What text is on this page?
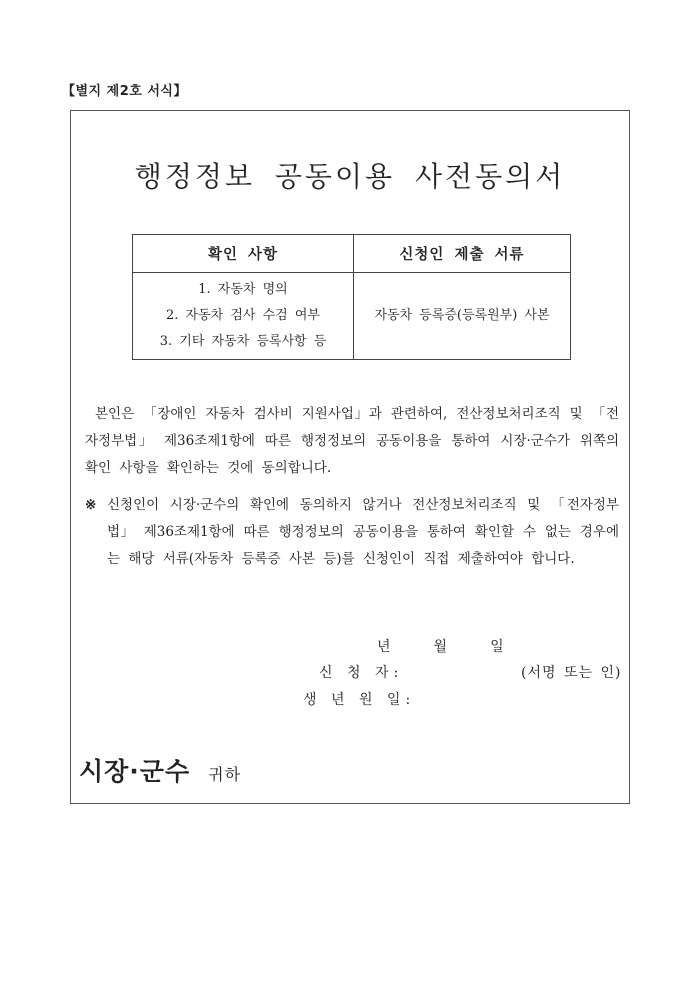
【별지 제2호 서식】
행정정보 공동이용 사전동의서
확인 사항	신청인 제출 서류

1. 자동차 명의
2. 자동차 검사 수검 여부
3. 기타 자동차 등록사항 등	자동차 등록증(등록원부) 사본
본인은 「장애인 자동차 검사비 지원사업」과 관련하여, 전산정보처리조직 및 「전자정부법」 제36조제1항에 따른 행정정보의 공동이용을 통하여 시장·군수가 위쪽의 확인 사항을 확인하는 것에 동의합니다.
※ 신청인이 시장·군수의 확인에 동의하지 않거나 전산정보처리조직 및 「전자정부법」 제36조제1항에 따른 행정정보의 공동이용을 통하여 확인할 수 없는 경우에는 해당 서류(자동차 등록증 사본 등)를 신청인이 직접 제출하여야 합니다.
년	월	일
신 청 자:	(서명 또는 인)
생 년 원 일:
시장·군수 귀하
